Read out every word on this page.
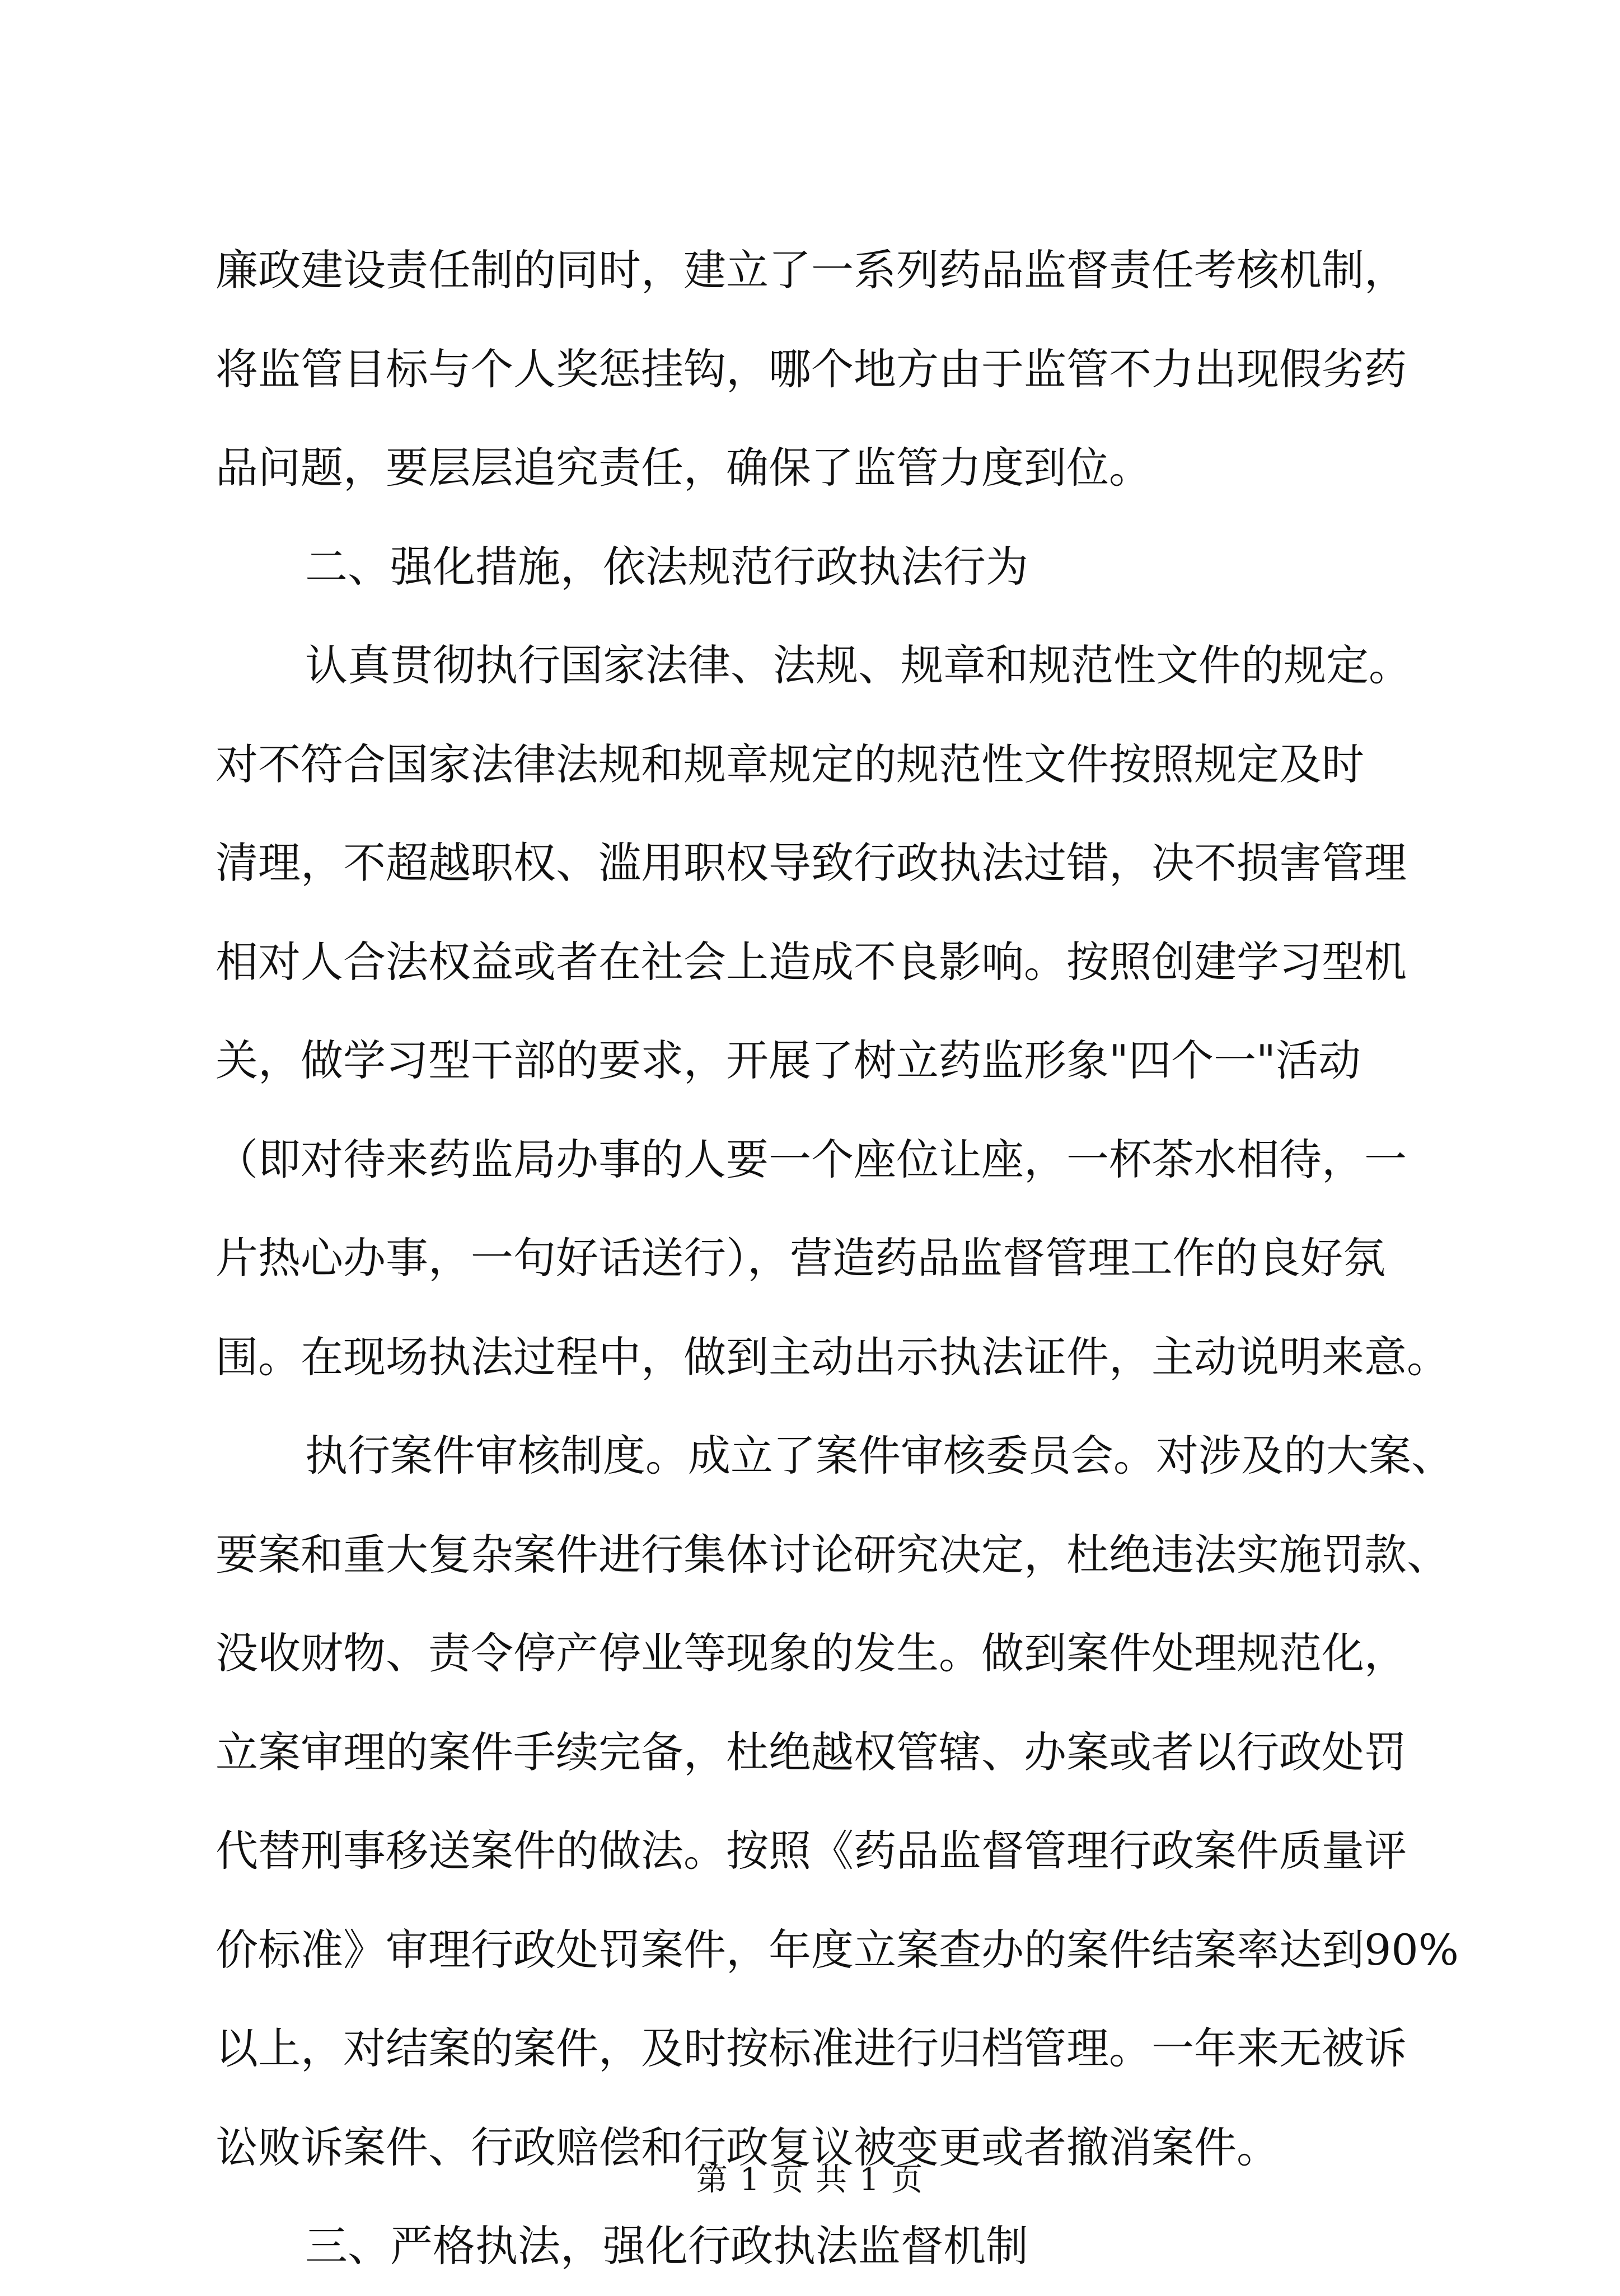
廉政建设责任制的同时，建立了一系列药品监督责任考核机制，
将监管目标与个人奖惩挂钩，哪个地方由于监管不力出现假劣药
品问题，要层层追究责任，确保了监管力度到位。
二、强化措施，依法规范行政执法行为
认真贯彻执行国家法律、法规、规章和规范性文件的规定。
对不符合国家法律法规和规章规定的规范性文件按照规定及时
清理，不超越职权、滥用职权导致行政执法过错，决不损害管理
相对人合法权益或者在社会上造成不良影响。按照创建学习型机
关，做学习型干部的要求，开展了树立药监形象"四个一"活动
（即对待来药监局办事的人要一个座位让座，一杯茶水相待，一
片热心办事，一句好话送行），营造药品监督管理工作的良好氛
围。在现场执法过程中，做到主动出示执法证件，主动说明来意。
执行案件审核制度。成立了案件审核委员会。对涉及的大案、
要案和重大复杂案件进行集体讨论研究决定，杜绝违法实施罚款、
没收财物、责令停产停业等现象的发生。做到案件处理规范化，
立案审理的案件手续完备，杜绝越权管辖、办案或者以行政处罚
代替刑事移送案件的做法。按照《药品监督管理行政案件质量评
价标准》审理行政处罚案件，年度立案查办的案件结案率达到90%
以上，对结案的案件，及时按标准进行归档管理。一年来无被诉
讼败诉案件、行政赔偿和行政复议被变更或者撤消案件。
三、严格执法，强化行政执法监督机制
第 1 页 共 1 页
